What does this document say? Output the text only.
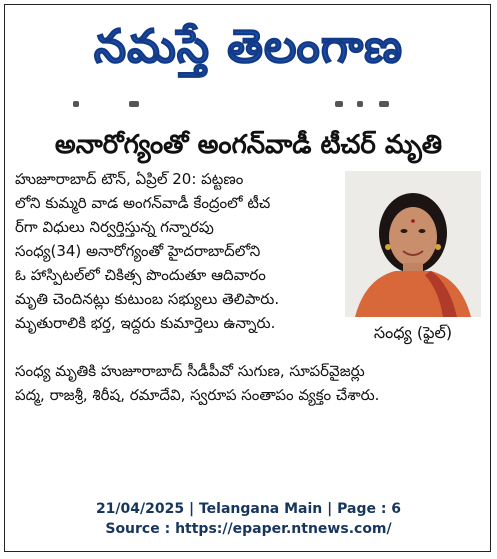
నమస్తే తెలంగాణ
అనారోగ్యంతో అంగన్‌వాడీ టీచర్ మృతి
హుజూరాబాద్ టౌన్, ఏప్రిల్ 20: పట్టణం
లోని కుమ్మరి వాడ అంగన్‌వాడీ కేంద్రంలో టీచ
ర్‌గా విధులు నిర్వర్తిస్తున్న గన్నారపు
సంధ్య(34) అనారోగ్యంతో హైదరాబాద్‌లోని
ఓ హాస్పిటల్‌లో చికిత్స పొందుతూ ఆదివారం
మృతి చెందినట్లు కుటుంబ సభ్యులు తెలిపారు.
మృతురాలికి భర్త, ఇద్దరు కుమార్తెలు ఉన్నారు.
సంధ్య మృతికి హుజూరాబాద్ సీడీపీవో సుగుణ, సూపర్‌వైజర్లు
పద్మ, రాజశ్రీ, శిరీష, రమాదేవి, స్వరూప సంతాపం వ్యక్తం చేశారు.
సంధ్య (ఫైల్)
21/04/2025 | Telangana Main | Page : 6
Source : https://epaper.ntnews.com/
